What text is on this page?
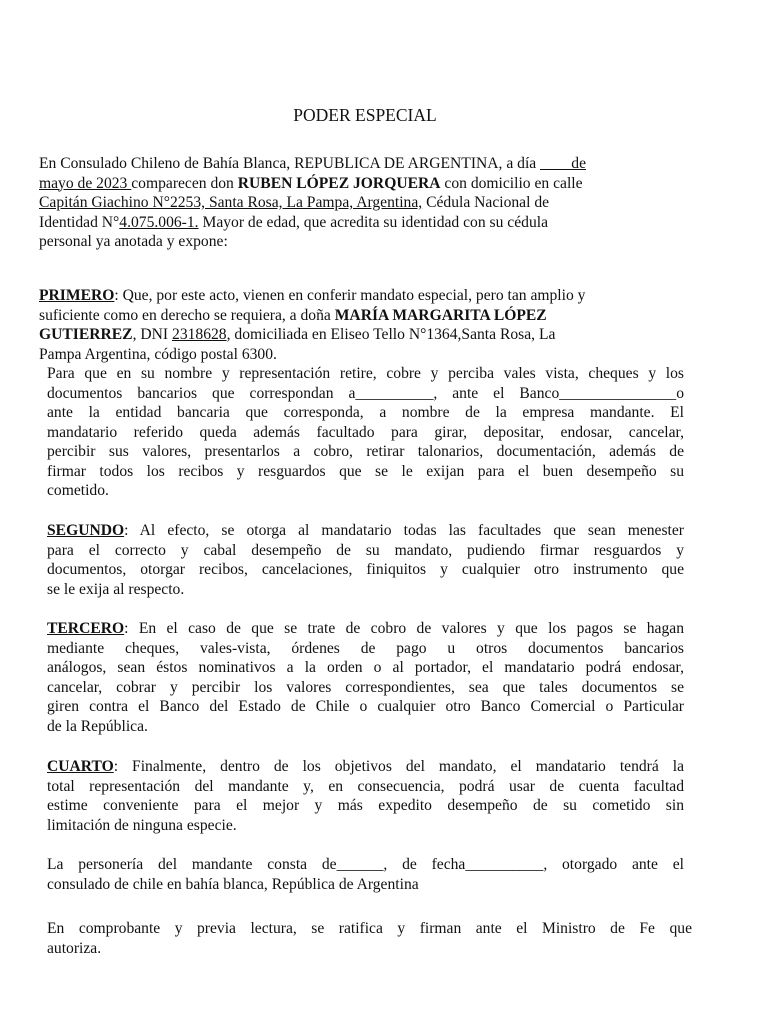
PODER ESPECIAL
En Consulado Chileno de Bahía Blanca, REPUBLICA DE ARGENTINA, a día ____de
mayo de 2023 comparecen don RUBEN LÓPEZ JORQUERA con domicilio en calle
Capitán Giachino N°2253, Santa Rosa, La Pampa, Argentina, Cédula Nacional de
Identidad N°4.075.006-1. Mayor de edad, que acredita su identidad con su cédula
personal ya anotada y expone:
PRIMERO: Que, por este acto, vienen en conferir mandato especial, pero tan amplio y
suficiente como en derecho se requiera, a doña MARÍA MARGARITA LÓPEZ
GUTIERREZ, DNI 2318628, domiciliada en Eliseo Tello N°1364,Santa Rosa, La
Pampa Argentina, código postal 6300.
Para que en su nombre y representación retire, cobre y perciba vales vista, cheques y los
documentos bancarios que correspondan a__________, ante el Banco_______________o
ante la entidad bancaria que corresponda, a nombre de la empresa mandante. El
mandatario referido queda además facultado para girar, depositar, endosar, cancelar,
percibir sus valores, presentarlos a cobro, retirar talonarios, documentación, además de
firmar todos los recibos y resguardos que se le exijan para el buen desempeño su
cometido.
SEGUNDO: Al efecto, se otorga al mandatario todas las facultades que sean menester
para el correcto y cabal desempeño de su mandato, pudiendo firmar resguardos y
documentos, otorgar recibos, cancelaciones, finiquitos y cualquier otro instrumento que
se le exija al respecto.
TERCERO: En el caso de que se trate de cobro de valores y que los pagos se hagan
mediante cheques, vales-vista, órdenes de pago u otros documentos bancarios
análogos, sean éstos nominativos a la orden o al portador, el mandatario podrá endosar,
cancelar, cobrar y percibir los valores correspondientes, sea que tales documentos se
giren contra el Banco del Estado de Chile o cualquier otro Banco Comercial o Particular
de la República.
CUARTO: Finalmente, dentro de los objetivos del mandato, el mandatario tendrá la
total representación del mandante y, en consecuencia, podrá usar de cuenta facultad
estime conveniente para el mejor y más expedito desempeño de su cometido sin
limitación de ninguna especie.
La personería del mandante consta de______, de fecha__________, otorgado ante el
consulado de chile en bahía blanca, República de Argentina
En comprobante y previa lectura, se ratifica y firman ante el Ministro de Fe que
autoriza.
